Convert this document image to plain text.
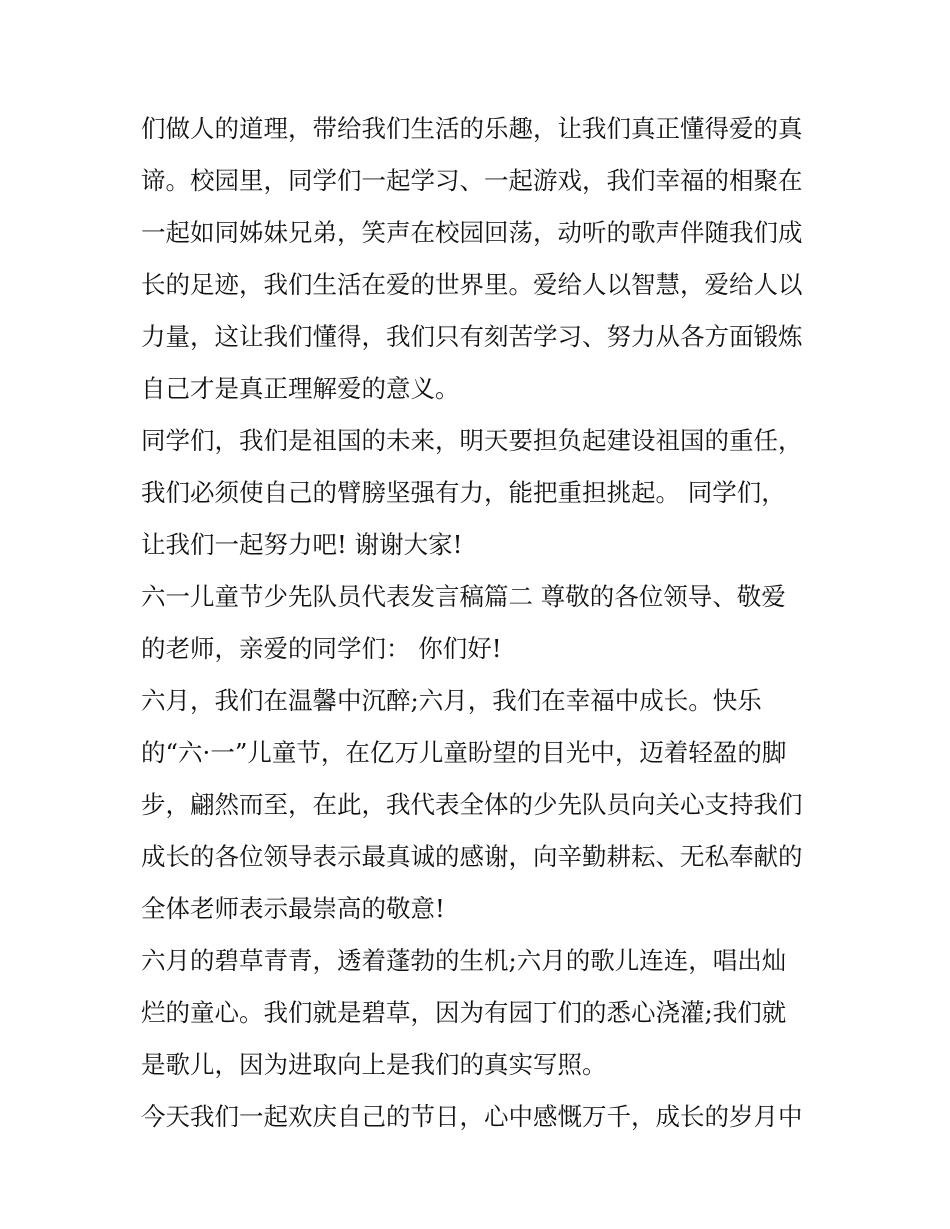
们做人的道理，带给我们生活的乐趣，让我们真正懂得爱的真
谛。校园里，同学们一起学习、一起游戏，我们幸福的相聚在
一起如同姊妹兄弟，笑声在校园回荡，动听的歌声伴随我们成
长的足迹，我们生活在爱的世界里。爱给人以智慧，爱给人以
力量，这让我们懂得，我们只有刻苦学习、努力从各方面锻炼
自己才是真正理解爱的意义。
同学们，我们是祖国的未来，明天要担负起建设祖国的重任，
我们必须使自己的臂膀坚强有力，能把重担挑起。 同学们，
让我们一起努力吧! 谢谢大家!
六一儿童节少先队员代表发言稿篇二 尊敬的各位领导、敬爱
的老师，亲爱的同学们： 你们好!
六月，我们在温馨中沉醉;六月，我们在幸福中成长。快乐
的“六·一”儿童节，在亿万儿童盼望的目光中，迈着轻盈的脚
步，翩然而至，在此，我代表全体的少先队员向关心支持我们
成长的各位领导表示最真诚的感谢，向辛勤耕耘、无私奉献的
全体老师表示最崇高的敬意!
六月的碧草青青，透着蓬勃的生机;六月的歌儿连连，唱出灿
烂的童心。我们就是碧草，因为有园丁们的悉心浇灌;我们就
是歌儿，因为进取向上是我们的真实写照。
今天我们一起欢庆自己的节日，心中感慨万千，成长的岁月中
